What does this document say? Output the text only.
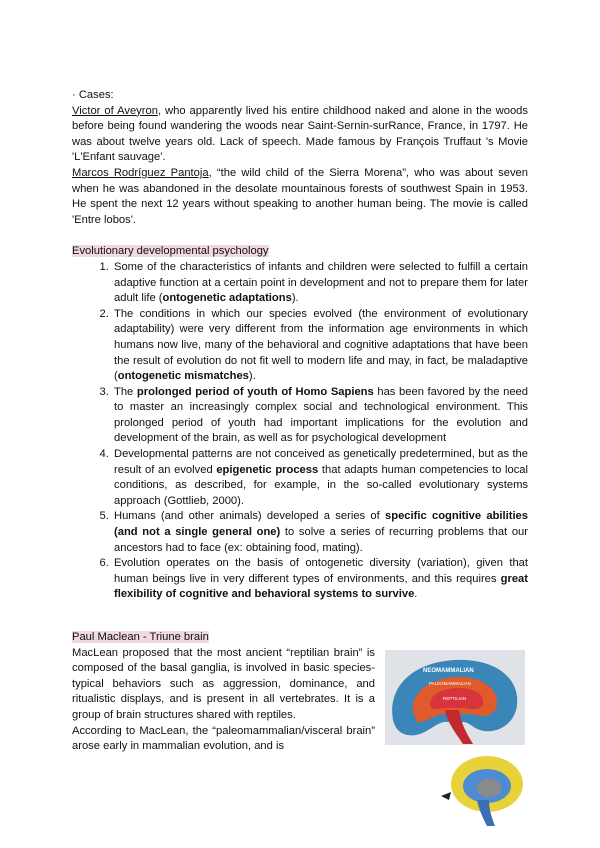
· Cases:

Victor of Aveyron, who apparently lived his entire childhood naked and alone in the woods before being found wandering the woods near Saint-Sernin-surRance, France, in 1797. He was about twelve years old. Lack of speech. Made famous by François Truffaut 's Movie 'L'Enfant sauvage'.

Marcos Rodríguez Pantoja, “the wild child of the Sierra Morena”, who was about seven when he was abandoned in the desolate mountainous forests of southwest Spain in 1953. He spent the next 12 years without speaking to another human being. The movie is called 'Entre lobos'.

Evolutionary developmental psychology

1. Some of the characteristics of infants and children were selected to fulfill a certain adaptive function at a certain point in development and not to prepare them for later adult life (ontogenetic adaptations).
2. The conditions in which our species evolved (the environment of evolutionary adaptability) were very different from the information age environments in which humans now live, many of the behavioral and cognitive adaptations that have been the result of evolution do not fit well to modern life and may, in fact, be maladaptive (ontogenetic mismatches).
3. The prolonged period of youth of Homo Sapiens has been favored by the need to master an increasingly complex social and technological environment. This prolonged period of youth had important implications for the evolution and development of the brain, as well as for psychological development
4. Developmental patterns are not conceived as genetically predetermined, but as the result of an evolved epigenetic process that adapts human competencies to local conditions, as described, for example, in the so-called evolutionary systems approach (Gottlieb, 2000).
5. Humans (and other animals) developed a series of specific cognitive abilities (and not a single general one) to solve a series of recurring problems that our ancestors had to face (ex: obtaining food, mating).
6. Evolution operates on the basis of ontogenetic diversity (variation), given that human beings live in very different types of environments, and this requires great flexibility of cognitive and behavioral systems to survive.

Paul Maclean - Triune brain

MacLean proposed that the most ancient “reptilian brain” is composed of the basal ganglia, is involved in basic species-typical behaviors such as aggression, dominance, and ritualistic displays, and is present in all vertebrates. It is a group of brain structures shared with reptiles.

According to MacLean, the “paleomammalian/visceral brain” arose early in mammalian evolution, and is

NEOMAMMALIAN
PALEOMAMMALIAN
REPTILIAN
